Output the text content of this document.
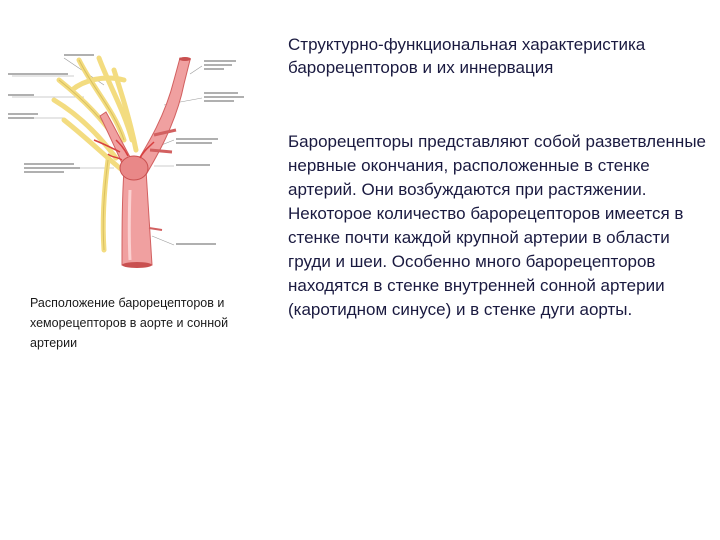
Расположение барорецепторов и хеморецепторов в аорте и сонной артерии
Структурно-функциональная характеристика барорецепторов и их иннервация
Барорецепторы представляют собой разветвленные нервные окончания, расположенные в стенке артерий. Они возбуждаются при растяжении. Некоторое количество барорецепторов имеется в стенке почти каждой крупной артерии в области груди и шеи. Особенно много барорецепторов находятся в стенке внутренней сонной артерии (каротидном синусе) и в стенке дуги аорты.
